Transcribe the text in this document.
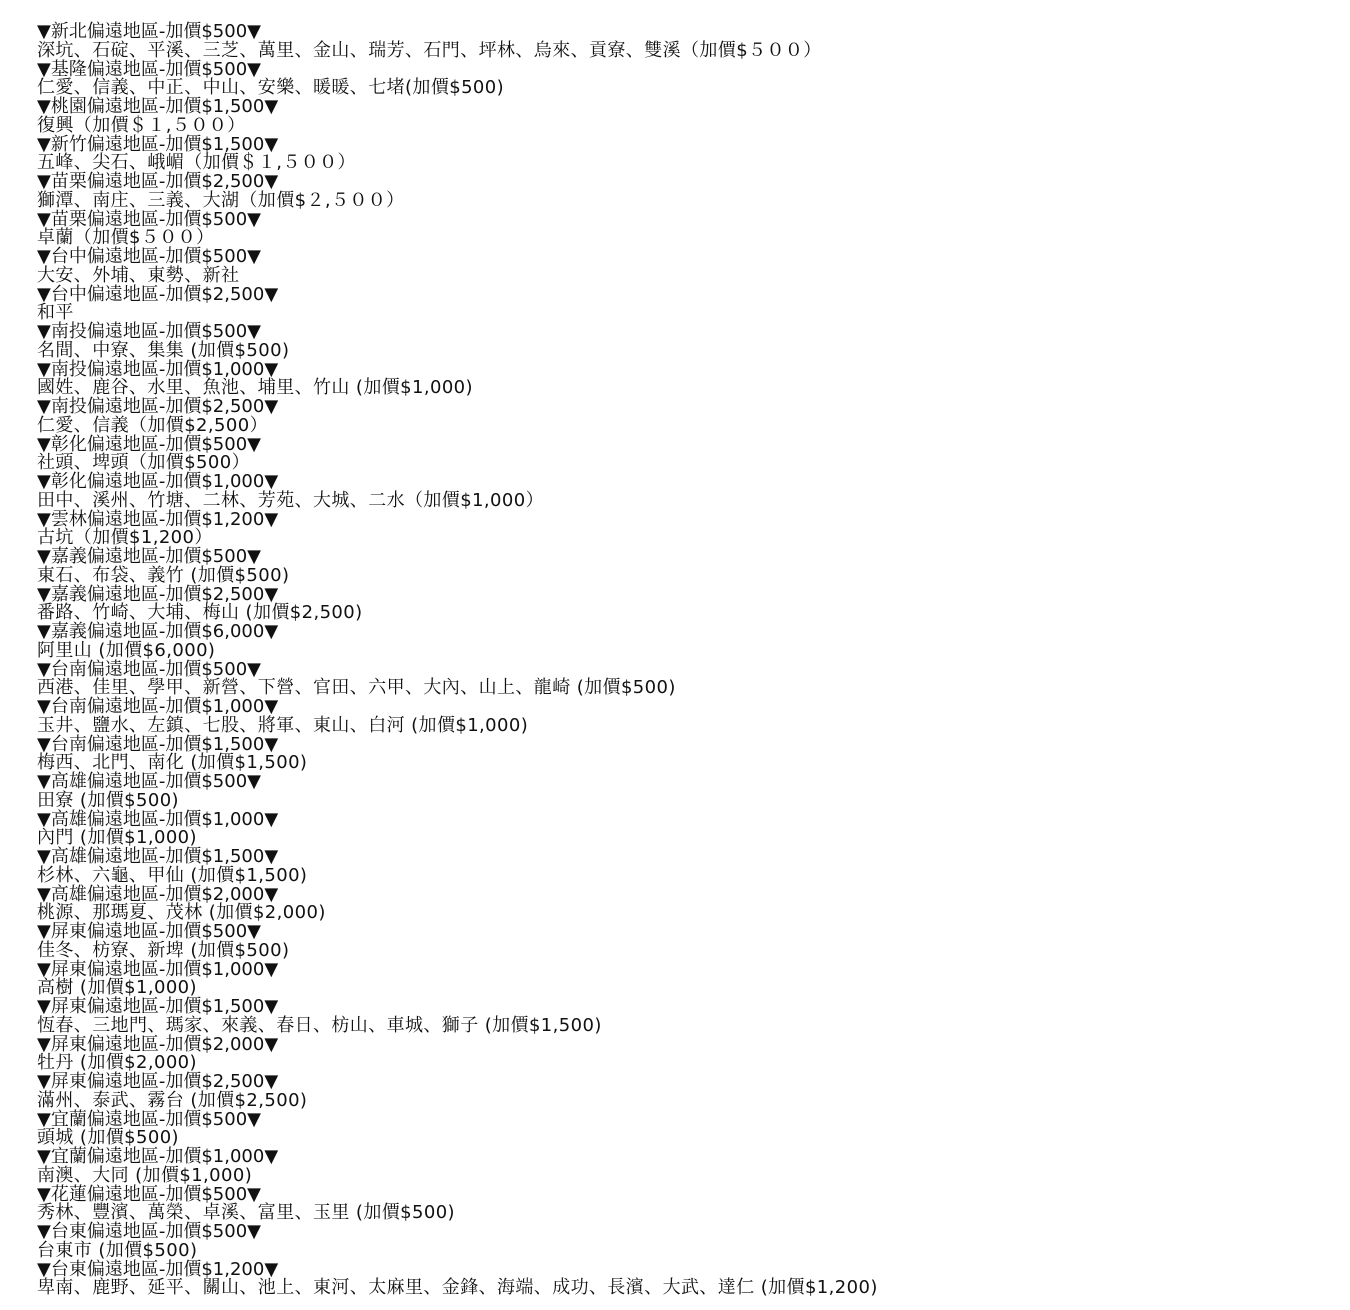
▼新北偏遠地區-加價$500▼
深坑、石碇、平溪、三芝、萬里、金山、瑞芳、石門、坪林、烏來、貢寮、雙溪（加價$５００）
▼基隆偏遠地區-加價$500▼
仁愛、信義、中正、中山、安樂、暖暖、七堵(加價$500)
▼桃園偏遠地區-加價$1,500▼
復興（加價＄１,５００）
▼新竹偏遠地區-加價$1,500▼
五峰、尖石、峨嵋（加價＄１,５００）
▼苗栗偏遠地區-加價$2,500▼
獅潭、南庄、三義、大湖（加價$２,５００）
▼苗栗偏遠地區-加價$500▼
卓蘭（加價$５００）
▼台中偏遠地區-加價$500▼
大安、外埔、東勢、新社
▼台中偏遠地區-加價$2,500▼
和平
▼南投偏遠地區-加價$500▼
名間、中寮、集集 (加價$500)
▼南投偏遠地區-加價$1,000▼
國姓、鹿谷、水里、魚池、埔里、竹山 (加價$1,000)
▼南投偏遠地區-加價$2,500▼
仁愛、信義（加價$2,500）
▼彰化偏遠地區-加價$500▼
社頭、埤頭（加價$500）
▼彰化偏遠地區-加價$1,000▼
田中、溪州、竹塘、二林、芳苑、大城、二水（加價$1,000）
▼雲林偏遠地區-加價$1,200▼
古坑（加價$1,200）
▼嘉義偏遠地區-加價$500▼
東石、布袋、義竹 (加價$500)
▼嘉義偏遠地區-加價$2,500▼
番路、竹崎、大埔、梅山 (加價$2,500)
▼嘉義偏遠地區-加價$6,000▼
阿里山 (加價$6,000)
▼台南偏遠地區-加價$500▼
西港、佳里、學甲、新營、下營、官田、六甲、大內、山上、龍崎 (加價$500)
▼台南偏遠地區-加價$1,000▼
玉井、鹽水、左鎮、七股、將軍、東山、白河 (加價$1,000)
▼台南偏遠地區-加價$1,500▼
梅西、北門、南化 (加價$1,500)
▼高雄偏遠地區-加價$500▼
田寮 (加價$500)
▼高雄偏遠地區-加價$1,000▼
內門 (加價$1,000)
▼高雄偏遠地區-加價$1,500▼
杉林、六龜、甲仙 (加價$1,500)
▼高雄偏遠地區-加價$2,000▼
桃源、那瑪夏、茂林 (加價$2,000)
▼屏東偏遠地區-加價$500▼
佳冬、枋寮、新埤 (加價$500)
▼屏東偏遠地區-加價$1,000▼
高樹 (加價$1,000)
▼屏東偏遠地區-加價$1,500▼
恆春、三地門、瑪家、來義、春日、枋山、車城、獅子 (加價$1,500)
▼屏東偏遠地區-加價$2,000▼
牡丹 (加價$2,000)
▼屏東偏遠地區-加價$2,500▼
滿州、泰武、霧台 (加價$2,500)
▼宜蘭偏遠地區-加價$500▼
頭城 (加價$500)
▼宜蘭偏遠地區-加價$1,000▼
南澳、大同 (加價$1,000)
▼花蓮偏遠地區-加價$500▼
秀林、豐濱、萬榮、卓溪、富里、玉里 (加價$500)
▼台東偏遠地區-加價$500▼
台東市 (加價$500)
▼台東偏遠地區-加價$1,200▼
卑南、鹿野、延平、關山、池上、東河、太麻里、金鋒、海端、成功、長濱、大武、達仁 (加價$1,200)
